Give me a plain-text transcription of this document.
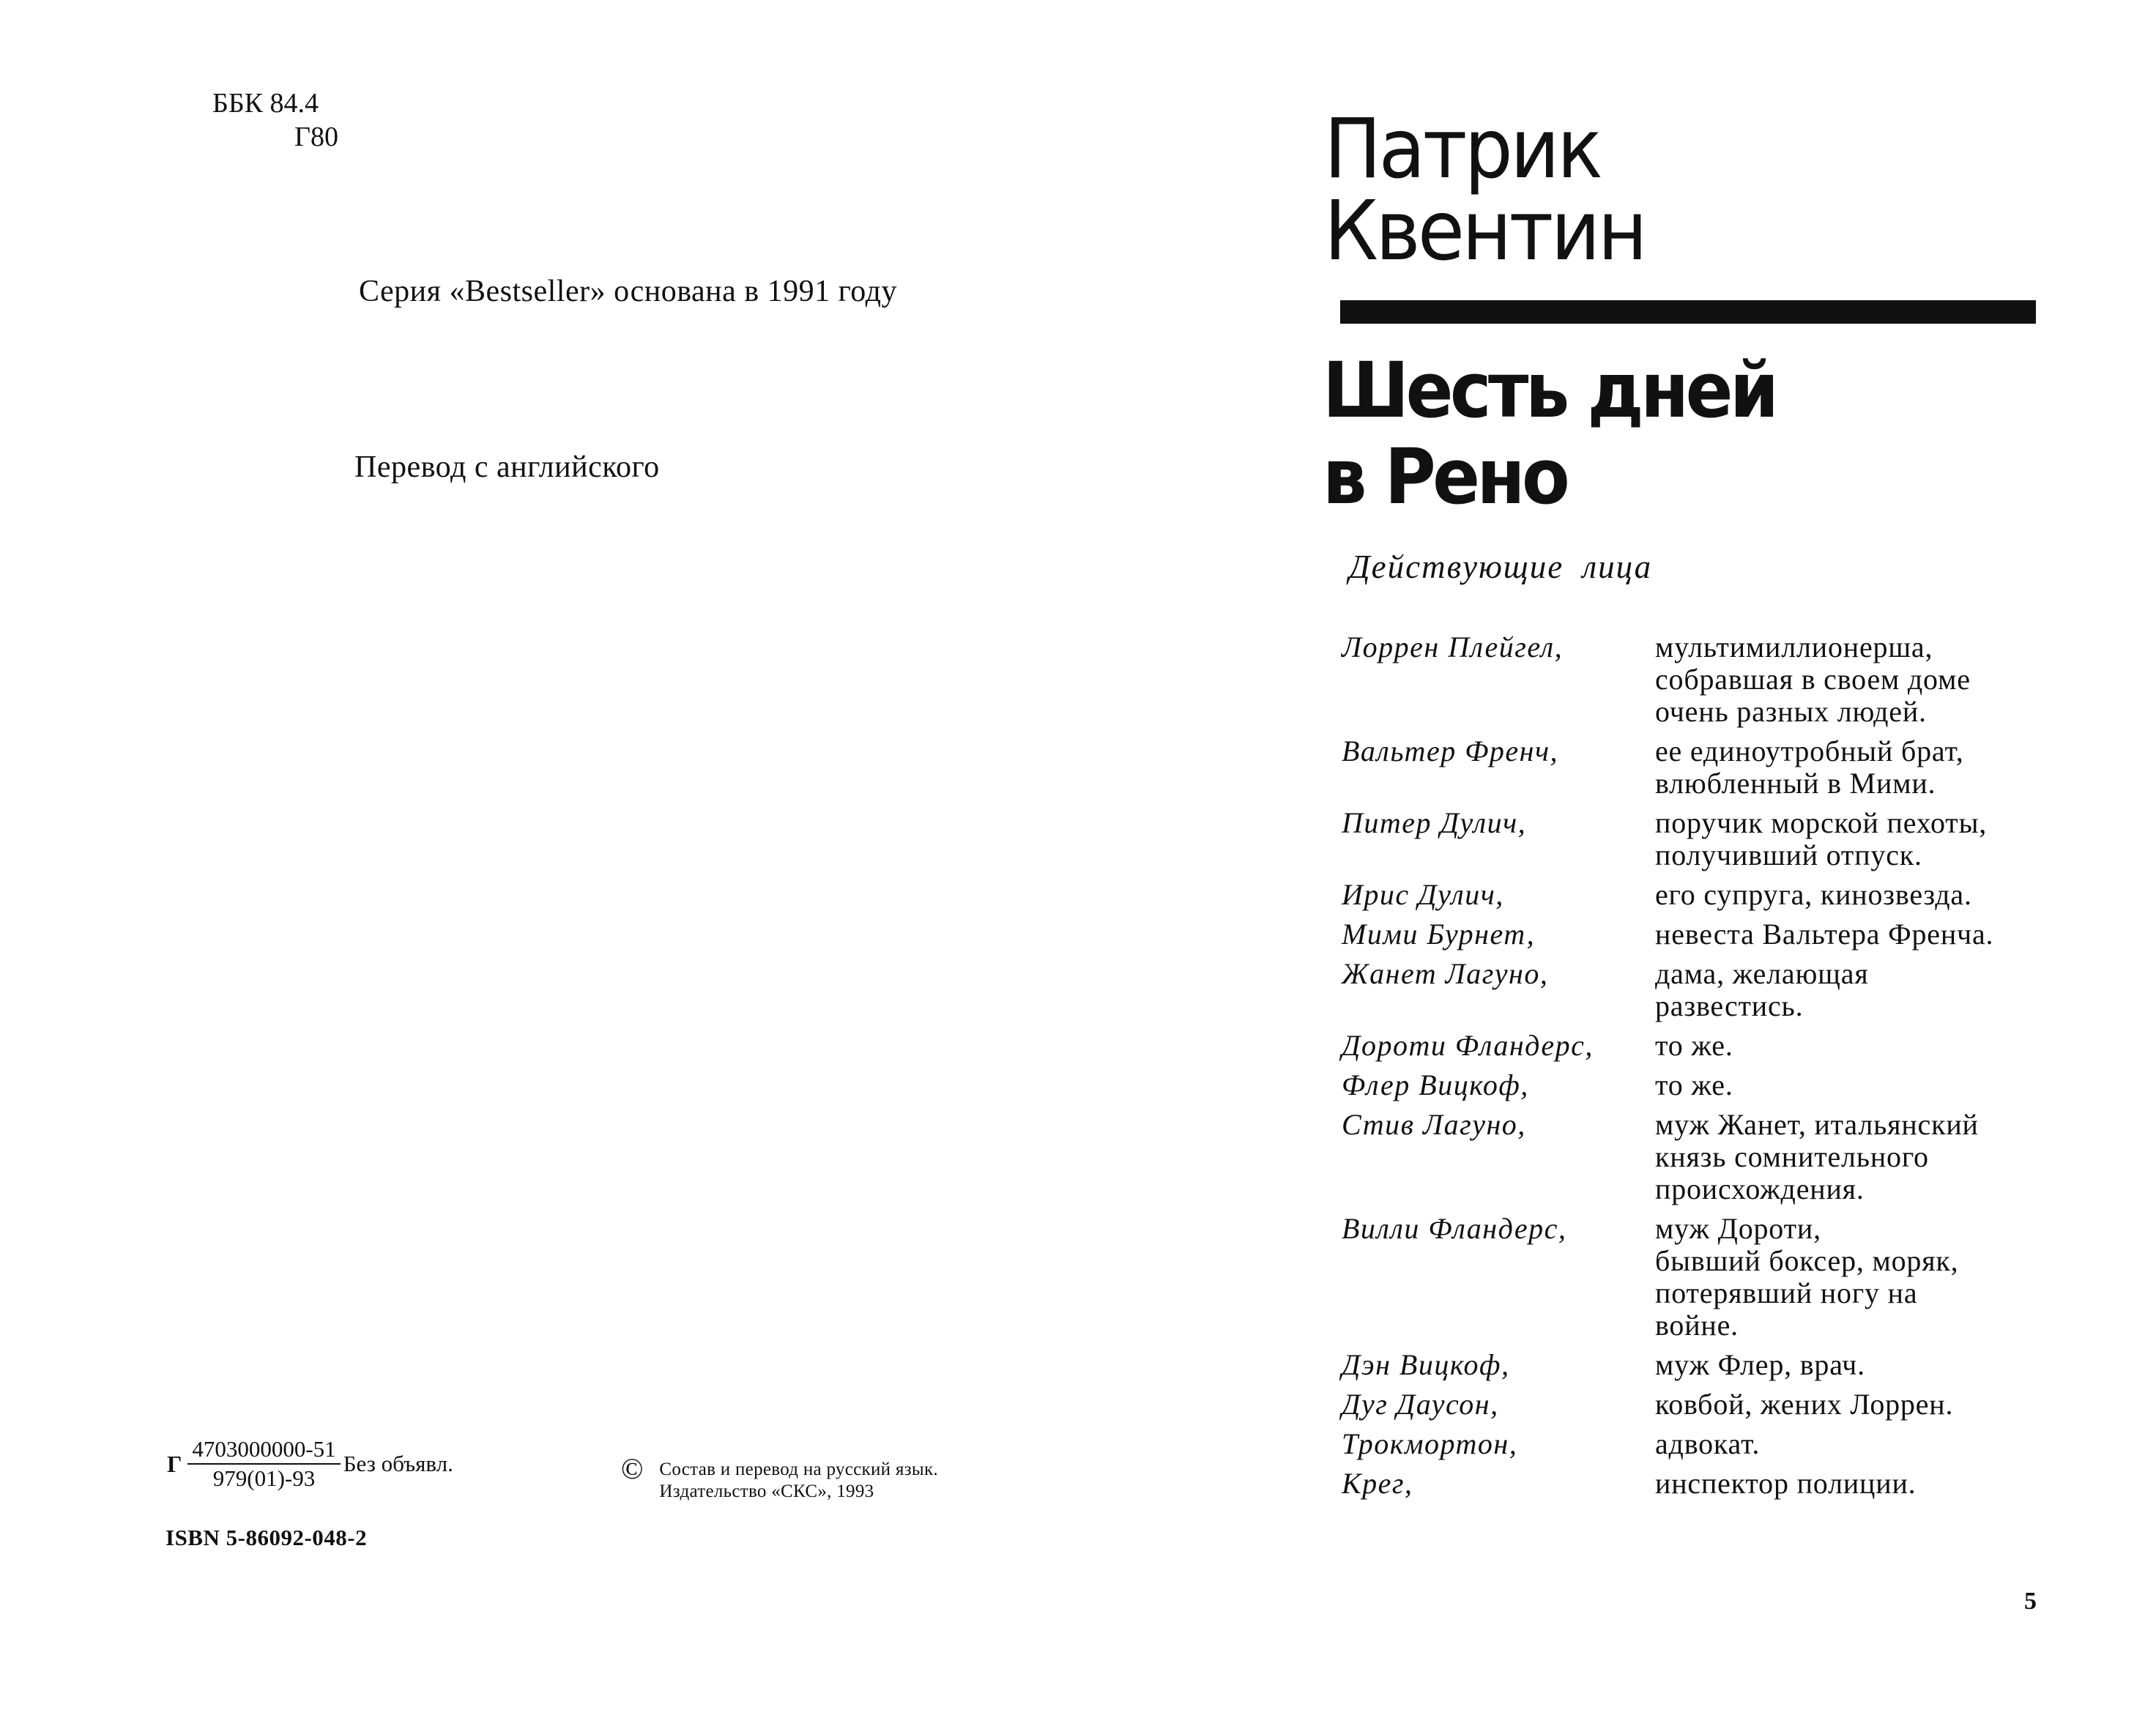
ББК 84.4
Г80
Серия «Bestseller» основана в 1991 году
Перевод с английского
Г $\frac{4703000000-51}{979(01)-93}$ Без объявл.	© Состав и перевод на русский язык. Издательство «СКС», 1993
ISBN 5-86092-048-2
Патрик
Квентин
Шесть дней
в Рено
Действующие лица
Лоррен Плейгел,	мультимиллионерша,
собравшая в своем доме
очень разных людей.
Вальтер Френч,	ее единоутробный брат,
влюбленный в Мими.
Питер Дулич,	поручик морской пехоты,
получивший отпуск.
Ирис Дулич,	его супруга, кинозвезда.
Мими Бурнет,	невеста Вальтера Френча.
Жанет Лагуно,	дама, желающая
развестись.
Дороти Фландерс,	то же.
Флер Вицкоф,	то же.
Стив Лагуно,	муж Жанет, итальянский
князь сомнительного
происхождения.
Вилли Фландерс,	муж Дороти,
бывший боксер, моряк,
потерявший ногу на
войне.
Дэн Вицкоф,	муж Флер, врач.
Дуг Даусон,	ковбой, жених Лоррен.
Трокмортон,	адвокат.
Крег,	инспектор полиции.
5
